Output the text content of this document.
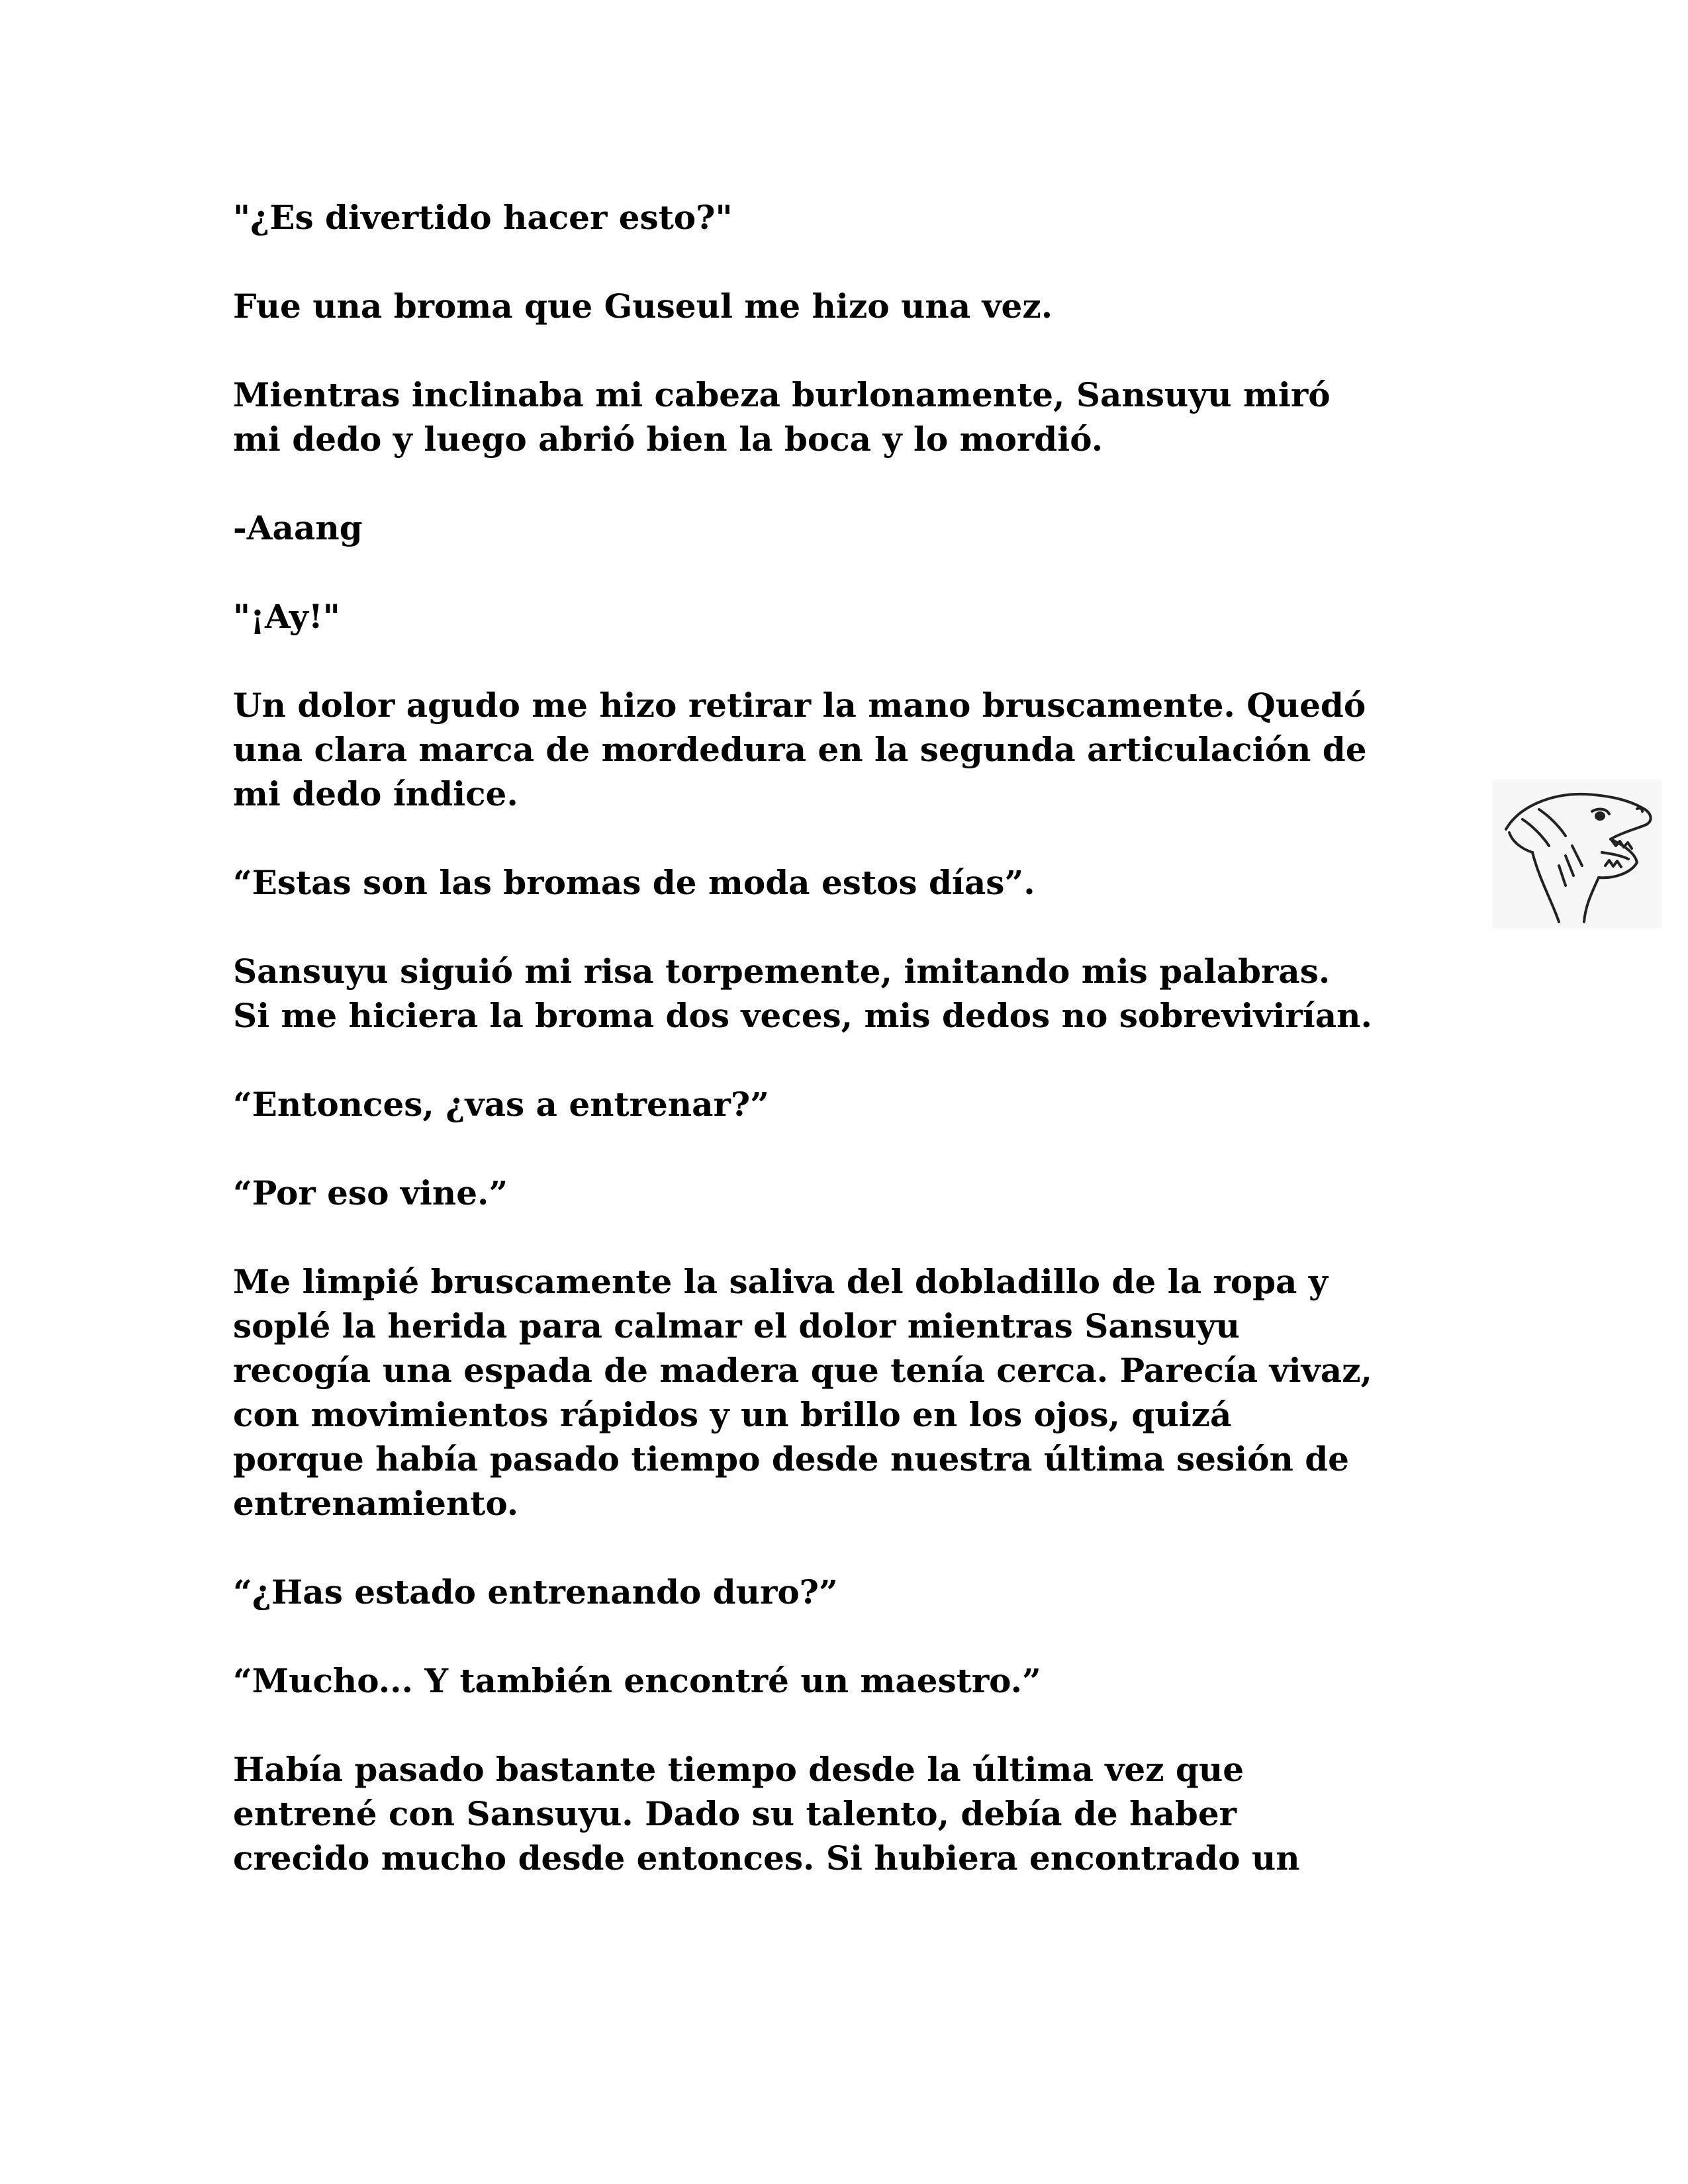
"¿Es divertido hacer esto?"

Fue una broma que Guseul me hizo una vez.

Mientras inclinaba mi cabeza burlonamente, Sansuyu miró
mi dedo y luego abrió bien la boca y lo mordió.

-Aaang

"¡Ay!"

Un dolor agudo me hizo retirar la mano bruscamente. Quedó
una clara marca de mordedura en la segunda articulación de
mi dedo índice.

“Estas son las bromas de moda estos días”.

Sansuyu siguió mi risa torpemente, imitando mis palabras.
Si me hiciera la broma dos veces, mis dedos no sobrevivirían.

“Entonces, ¿vas a entrenar?”

“Por eso vine.”

Me limpié bruscamente la saliva del dobladillo de la ropa y
soplé la herida para calmar el dolor mientras Sansuyu
recogía una espada de madera que tenía cerca. Parecía vivaz,
con movimientos rápidos y un brillo en los ojos, quizá
porque había pasado tiempo desde nuestra última sesión de
entrenamiento.

“¿Has estado entrenando duro?”

“Mucho... Y también encontré un maestro.”

Había pasado bastante tiempo desde la última vez que
entrené con Sansuyu. Dado su talento, debía de haber
crecido mucho desde entonces. Si hubiera encontrado un
